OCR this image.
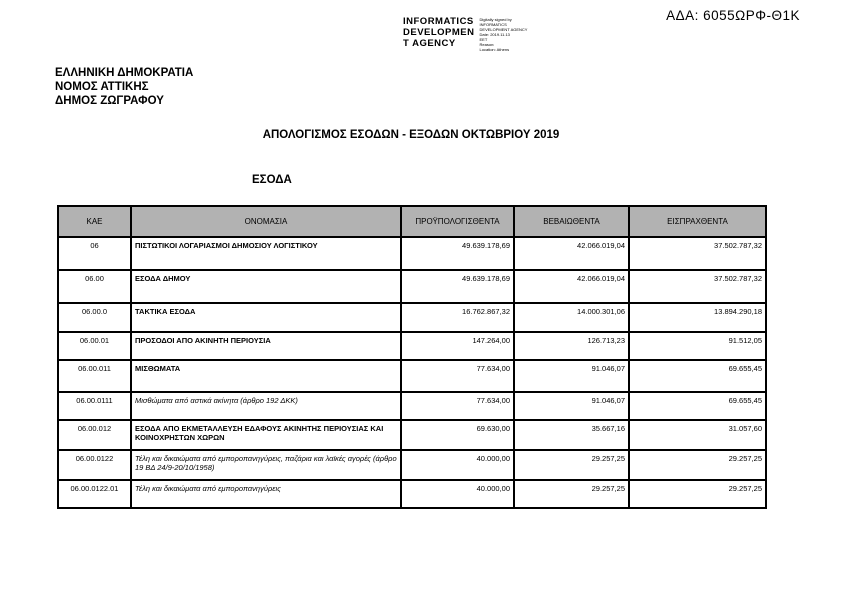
ΑΔΑ: 6055ΩΡΦ-Θ1Κ
INFORMATICS
DEVELOPMEN
T AGENCY
Digitally signed by
INFORMATICS
DEVELOPMENT AGENCY
Date: 2019.11.13
EET
Reason:
Location: Athens
ΕΛΛΗΝΙΚΗ ΔΗΜΟΚΡΑΤΙΑ
ΝΟΜΟΣ ΑΤΤΙΚΗΣ
ΔΗΜΟΣ ΖΩΓΡΑΦΟΥ
ΑΠΟΛΟΓΙΣΜΟΣ ΕΣΟΔΩΝ - ΕΞΟΔΩΝ ΟΚΤΩΒΡΙΟΥ 2019
ΕΣΟΔΑ
ΚΑΕ	ΟΝΟΜΑΣΙΑ	ΠΡΟΫΠΟΛΟΓΙΣΘΕΝΤΑ	ΒΕΒΑΙΩΘΕΝΤΑ	ΕΙΣΠΡΑΧΘΕΝΤΑ
06	ΠΙΣΤΩΤΙΚΟΙ ΛΟΓΑΡΙΑΣΜΟΙ ΔΗΜΟΣΙΟΥ ΛΟΓΙΣΤΙΚΟΥ	49.639.178,69	42.066.019,04	37.502.787,32
06.00	ΕΣΟΔΑ ΔΗΜΟΥ	49.639.178,69	42.066.019,04	37.502.787,32
06.00.0	ΤΑΚΤΙΚΑ ΕΣΟΔΑ	16.762.867,32	14.000.301,06	13.894.290,18
06.00.01	ΠΡΟΣΟΔΟΙ ΑΠΟ ΑΚΙΝΗΤΗ ΠΕΡΙΟΥΣΙΑ	147.264,00	126.713,23	91.512,05
06.00.011	ΜΙΣΘΩΜΑΤΑ	77.634,00	91.046,07	69.655,45
06.00.0111	Μισθώματα από αστικά ακίνητα (άρθρο 192 ΔΚΚ)	77.634,00	91.046,07	69.655,45
06.00.012	ΕΣΟΔΑ ΑΠΟ ΕΚΜΕΤΑΛΛΕΥΣΗ ΕΔΑΦΟΥΣ ΑΚΙΝΗΤΗΣ ΠΕΡΙΟΥΣΙΑΣ ΚΑΙ ΚΟΙΝΟΧΡΗΣΤΩΝ ΧΩΡΩΝ	69.630,00	35.667,16	31.057,60
06.00.0122	Τέλη και δικαιώματα από εμποροπανηγύρεις, παζάρια και λαϊκές αγορές (άρθρο 19 ΒΔ 24/9-20/10/1958)	40.000,00	29.257,25	29.257,25
06.00.0122.01	Τέλη και δικαιώματα από εμποροπανηγύρεις	40.000,00	29.257,25	29.257,25
